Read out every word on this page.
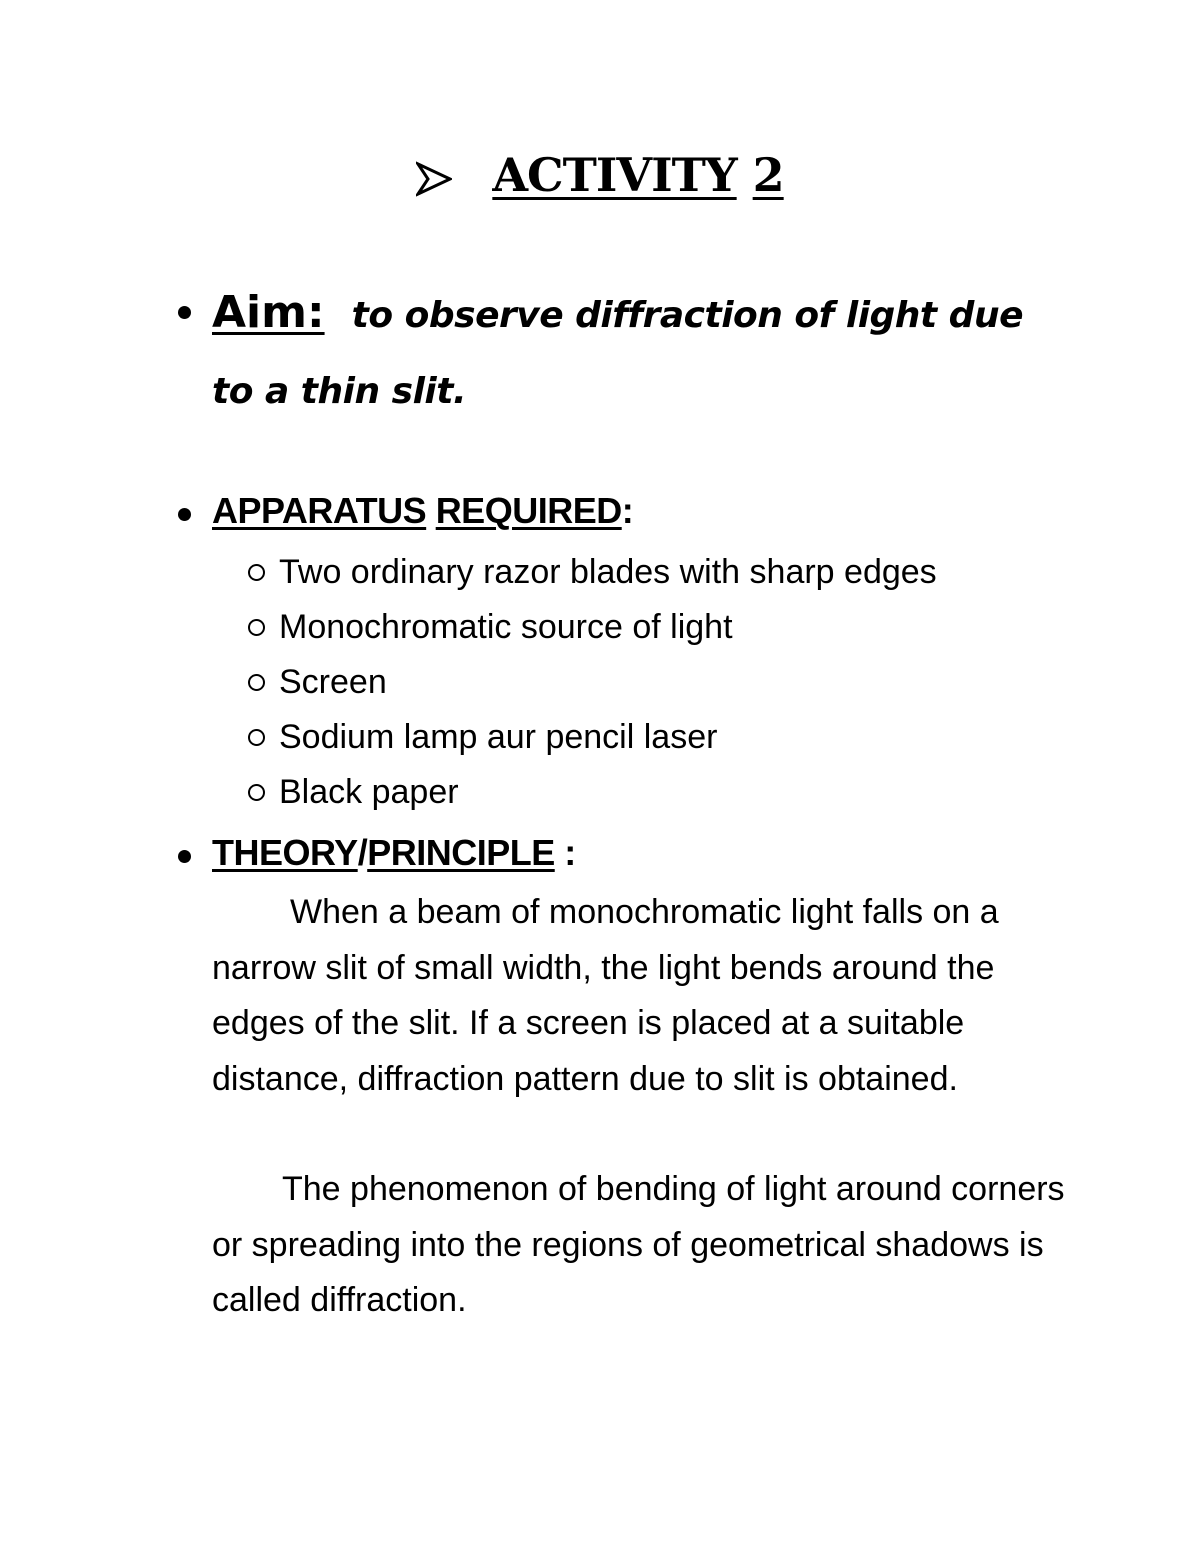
ACTIVITY 2
Aim: to observe diffraction of light due to a thin slit.
APPARATUS REQUIRED:
Two ordinary razor blades with sharp edges
Monochromatic source of light
Screen
Sodium lamp aur pencil laser
Black paper
THEORY/PRINCIPLE :

When a beam of monochromatic light falls on a narrow slit of small width, the light bends around the edges of the slit. If a screen is placed at a suitable distance, diffraction pattern due to slit is obtained.

The phenomenon of bending of light around corners or spreading into the regions of geometrical shadows is called diffraction.
